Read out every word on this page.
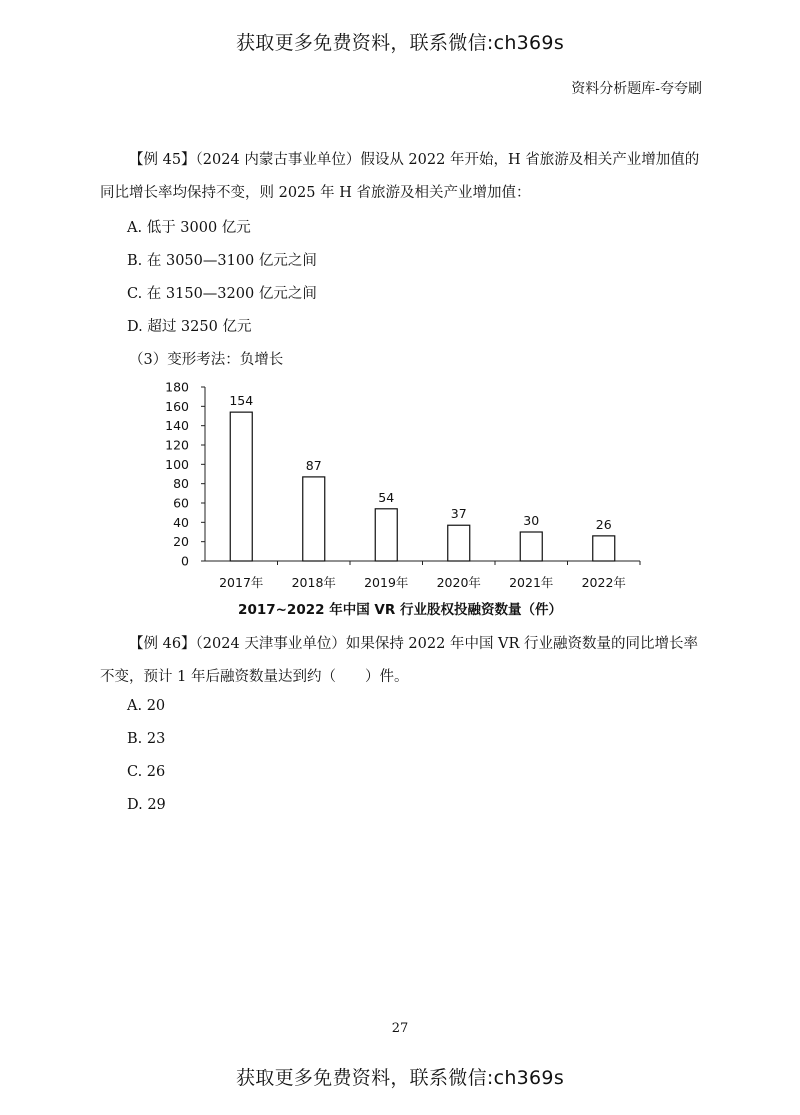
获取更多免费资料，联系微信:ch369s
资料分析题库-夸夸刷
【例 45】（2024 内蒙古事业单位）假设从 2022 年开始，H 省旅游及相关产业增加值的同比增长率均保持不变，则 2025 年 H 省旅游及相关产业增加值：
A. 低于 3000 亿元
B. 在 3050—3100 亿元之间
C. 在 3150—3200 亿元之间
D. 超过 3250 亿元
（3）变形考法：负增长
0
20
40
60
80
100
120
140
160
180
154
2017年
87
2018年
54
2019年
37
2020年
30
2021年
26
2022年
2017~2022 年中国 VR 行业股权投融资数量（件）
【例 46】（2024 天津事业单位）如果保持 2022 年中国 VR 行业融资数量的同比增长率不变，预计 1 年后融资数量达到约（　　）件。
A. 20
B. 23
C. 26
D. 29
27
获取更多免费资料，联系微信:ch369s
